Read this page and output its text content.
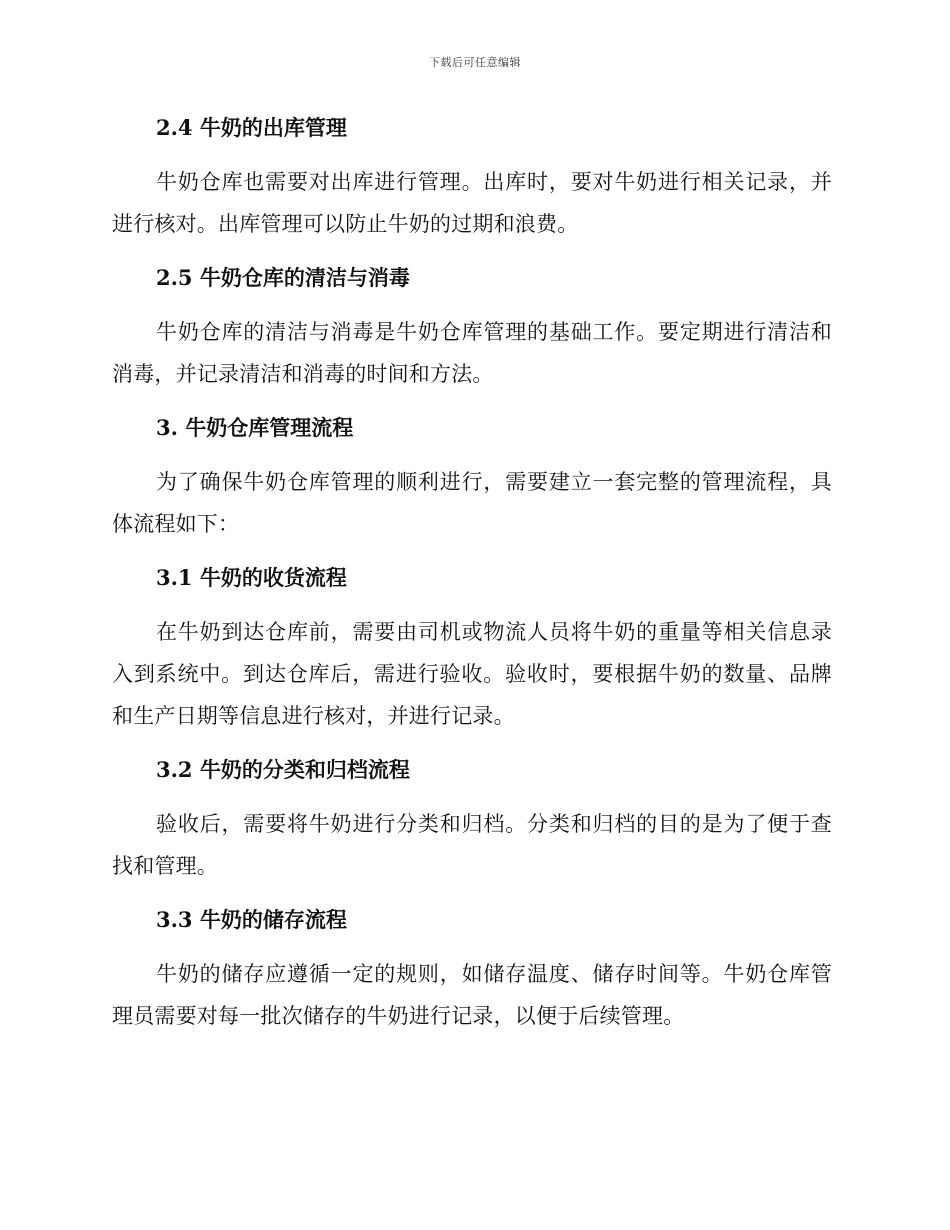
下载后可任意编辑
2.4 牛奶的出库管理

牛奶仓库也需要对出库进行管理。出库时，要对牛奶进行相关记录，并进行核对。出库管理可以防止牛奶的过期和浪费。

2.5 牛奶仓库的清洁与消毒

牛奶仓库的清洁与消毒是牛奶仓库管理的基础工作。要定期进行清洁和消毒，并记录清洁和消毒的时间和方法。

3. 牛奶仓库管理流程

为了确保牛奶仓库管理的顺利进行，需要建立一套完整的管理流程，具体流程如下：

3.1 牛奶的收货流程

在牛奶到达仓库前，需要由司机或物流人员将牛奶的重量等相关信息录入到系统中。到达仓库后，需进行验收。验收时，要根据牛奶的数量、品牌和生产日期等信息进行核对，并进行记录。

3.2 牛奶的分类和归档流程

验收后，需要将牛奶进行分类和归档。分类和归档的目的是为了便于查找和管理。

3.3 牛奶的储存流程

牛奶的储存应遵循一定的规则，如储存温度、储存时间等。牛奶仓库管理员需要对每一批次储存的牛奶进行记录，以便于后续管理。
